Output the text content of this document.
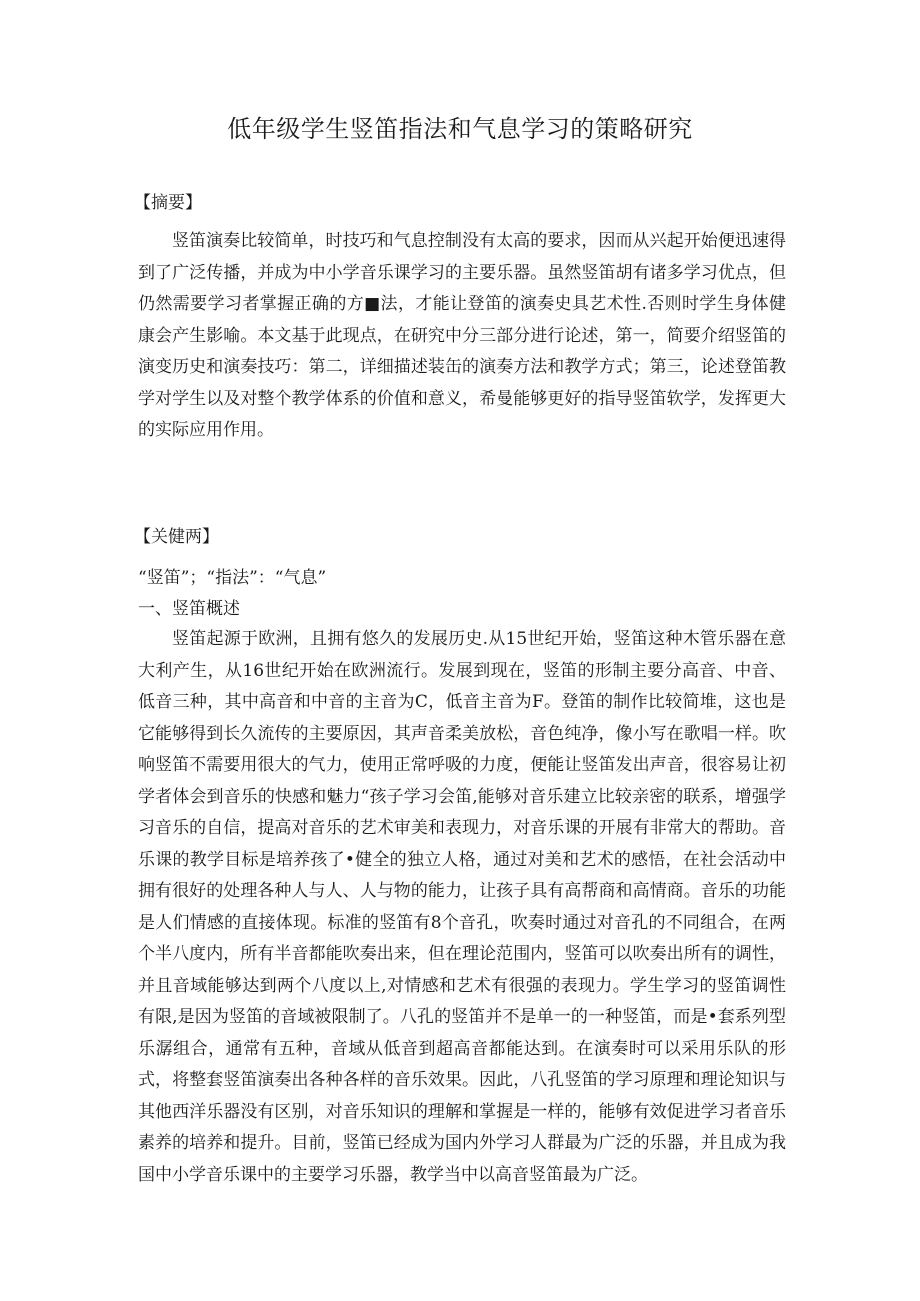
低年级学生竖笛指法和气息学习的策略研究
【摘要】

竖笛演奏比较简单，时技巧和气息控制没有太高的要求，因而从兴起开始便迅速得到了广泛传播，并成为中小学音乐课学习的主要乐器。虽然竖笛胡有诸多学习优点，但仍然需要学习者掌握正确的方■法，才能让登笛的演奏史具艺术性.否则时学生身体健康会产生影喻。本文基于此现点，在研究中分三部分进行论述，第一，简要介绍竖笛的演变历史和演奏技巧：第二，详细描述装缶的演奏方法和教学方式；第三，论述登笛教学对学生以及对整个教学体系的价值和意义，希曼能够更好的指导竖笛软学，发挥更大的实际应用作用。

【关健两】
“竖笛”；“指法”：“气息”
一、竖笛概述

竖笛起源于欧洲，且拥有悠久的发展历史.从15世纪开始，竖笛这种木管乐器在意大利产生，从16世纪开始在欧洲流行。发展到现在，竖笛的形制主要分高音、中音、低音三种，其中高音和中音的主音为C，低音主音为F。登笛的制作比较简堆，这也是它能够得到长久流传的主要原因，其声音柔美放松，音色纯净，像小写在歌唱一样。吹响竖笛不需要用很大的气力，使用正常呼吸的力度，便能让竖笛发出声音，很容易让初学者体会到音乐的快感和魅力“孩子学习会笛,能够对音乐建立比较亲密的联系，增强学习音乐的自信，提高对音乐的艺术审美和表现力，对音乐课的开展有非常大的帮助。音乐课的教学目标是培养孩了•健全的独立人格，通过对美和艺术的感悟，在社会活动中拥有很好的处理各种人与人、人与物的能力，让孩子具有高帮商和高情商。音乐的功能是人们情感的直接体现。标准的竖笛有8个音孔，吹奏时通过对音孔的不同组合，在两个半八度内，所有半音都能吹奏出来，但在理论范围内，竖笛可以吹奏出所有的调性，并且音域能够达到两个八度以上,对情感和艺术有很强的表现力。学生学习的竖笛调性有限,是因为竖笛的音域被限制了。八孔的竖笛并不是单一的一种竖笛，而是•套系列型乐潺组合，通常有五种，音域从低音到超高音都能达到。在演奏时可以采用乐队的形式，将整套竖笛演奏出各种各样的音乐效果。因此，八孔竖笛的学习原理和理论知识与其他西洋乐器没有区别，对音乐知识的理解和掌握是一样的，能够有效促进学习者音乐素养的培养和提升。目前，竖笛已经成为国内外学习人群最为广泛的乐器，并且成为我国中小学音乐课中的主要学习乐器，教学当中以高音竖笛最为广泛。
